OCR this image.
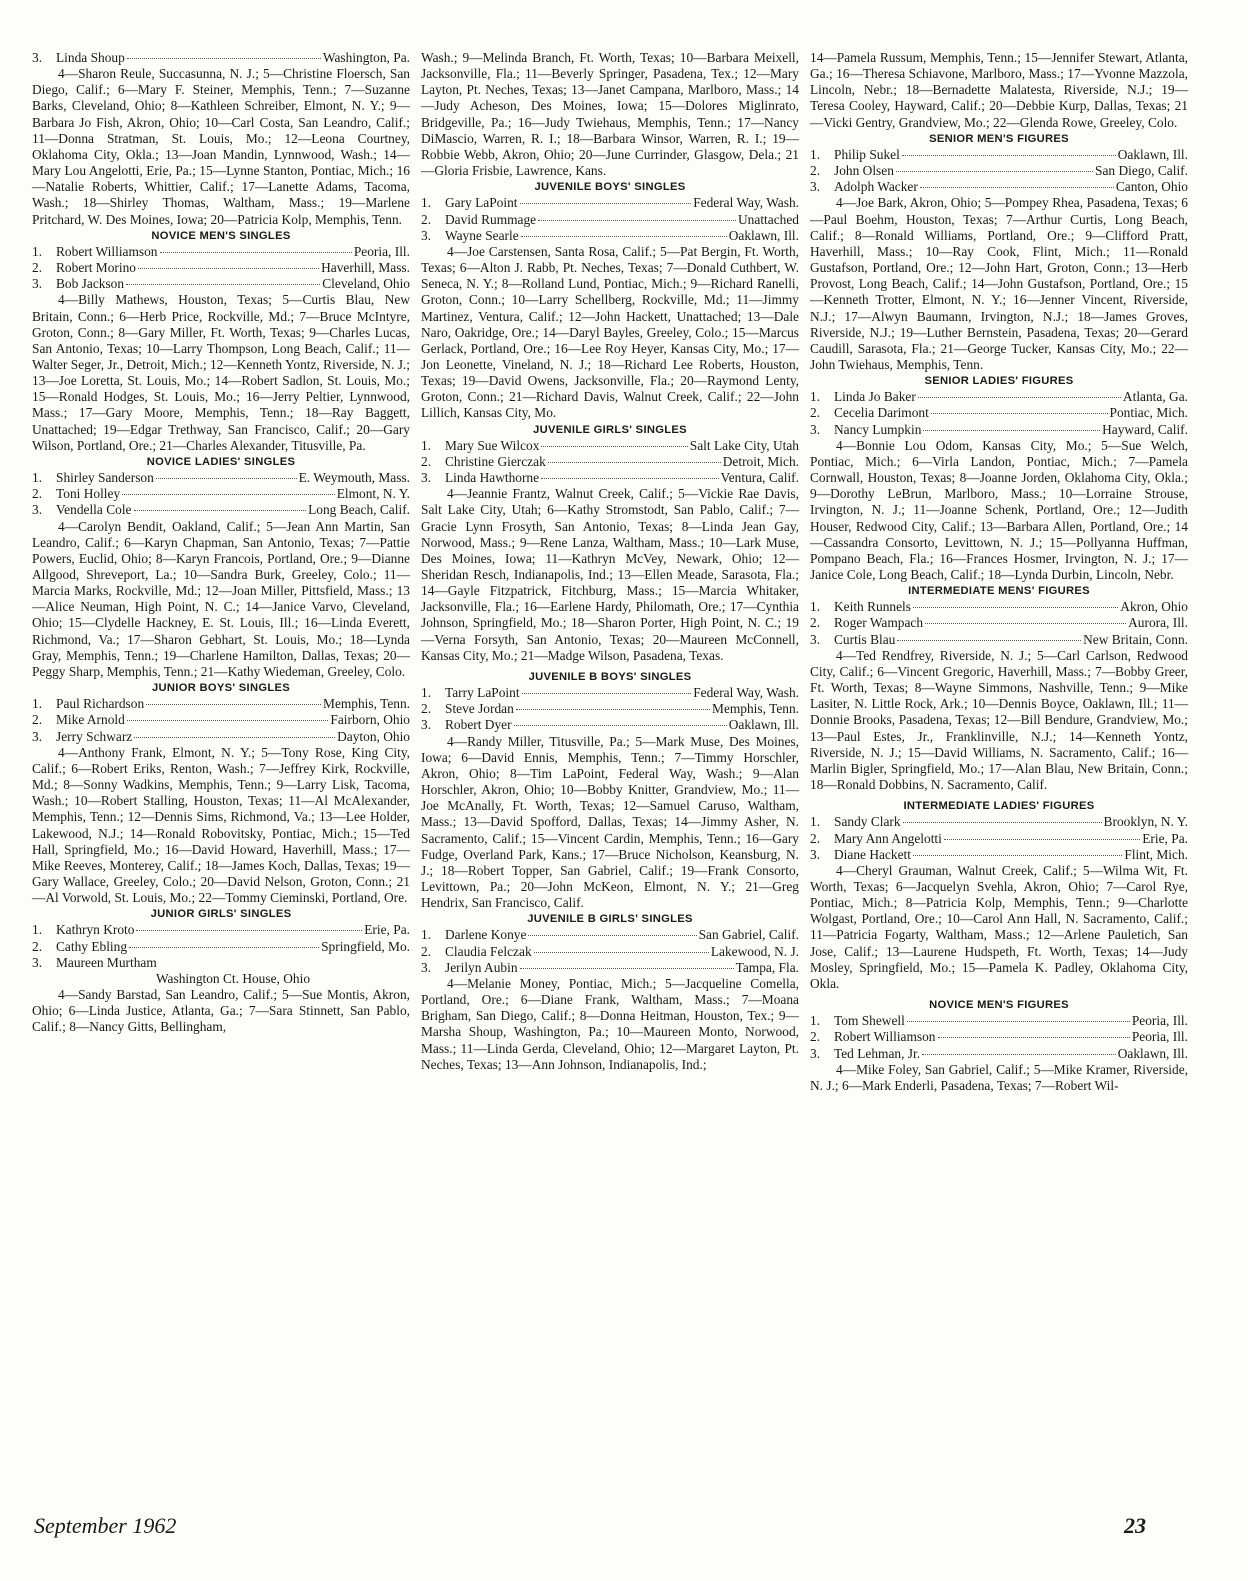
3.	Linda Shoup	Washington, Pa.
4—Sharon Reule, Succasunna, N. J.; 5—Christine Floersch, San Diego, Calif.; 6—Mary F. Steiner, Memphis, Tenn.; 7—Suzanne Barks, Cleveland, Ohio; 8—Kathleen Schreiber, Elmont, N. Y.; 9—Barbara Jo Fish, Akron, Ohio; 10—Carl Costa, San Leandro, Calif.; 11—Donna Stratman, St. Louis, Mo.; 12—Leona Courtney, Oklahoma City, Okla.; 13—Joan Mandin, Lynnwood, Wash.; 14—Mary Lou Angelotti, Erie, Pa.; 15—Lynne Stanton, Pontiac, Mich.; 16—Natalie Roberts, Whittier, Calif.; 17—Lanette Adams, Tacoma, Wash.; 18—Shirley Thomas, Waltham, Mass.; 19—Marlene Pritchard, W. Des Moines, Iowa; 20—Patricia Kolp, Memphis, Tenn.
NOVICE MEN'S SINGLES
1.	Robert Williamson	Peoria, Ill.
2.	Robert Morino	Haverhill, Mass.
3.	Bob Jackson	Cleveland, Ohio
4—Billy Mathews, Houston, Texas; 5—Curtis Blau, New Britain, Conn.; 6—Herb Price, Rockville, Md.; 7—Bruce McIntyre, Groton, Conn.; 8—Gary Miller, Ft. Worth, Texas; 9—Charles Lucas, San Antonio, Texas; 10—Larry Thompson, Long Beach, Calif.; 11—Walter Seger, Jr., Detroit, Mich.; 12—Kenneth Yontz, Riverside, N. J.; 13—Joe Loretta, St. Louis, Mo.; 14—Robert Sadlon, St. Louis, Mo.; 15—Ronald Hodges, St. Louis, Mo.; 16—Jerry Peltier, Lynnwood, Mass.; 17—Gary Moore, Memphis, Tenn.; 18—Ray Baggett, Unattached; 19—Edgar Trethway, San Francisco, Calif.; 20—Gary Wilson, Portland, Ore.; 21—Charles Alexander, Titusville, Pa.
NOVICE LADIES' SINGLES
1.	Shirley Sanderson	E. Weymouth, Mass.
2.	Toni Holley	Elmont, N. Y.
3.	Vendella Cole	Long Beach, Calif.
4—Carolyn Bendit, Oakland, Calif.; 5—Jean Ann Martin, San Leandro, Calif.; 6—Karyn Chapman, San Antonio, Texas; 7—Pattie Powers, Euclid, Ohio; 8—Karyn Francois, Portland, Ore.; 9—Dianne Allgood, Shreveport, La.; 10—Sandra Burk, Greeley, Colo.; 11—Marcia Marks, Rockville, Md.; 12—Joan Miller, Pittsfield, Mass.; 13—Alice Neuman, High Point, N. C.; 14—Janice Varvo, Cleveland, Ohio; 15—Clydelle Hackney, E. St. Louis, Ill.; 16—Linda Everett, Richmond, Va.; 17—Sharon Gebhart, St. Louis, Mo.; 18—Lynda Gray, Memphis, Tenn.; 19—Charlene Hamilton, Dallas, Texas; 20—Peggy Sharp, Memphis, Tenn.; 21—Kathy Wiedeman, Greeley, Colo.
JUNIOR BOYS' SINGLES
1.	Paul Richardson	Memphis, Tenn.
2.	Mike Arnold	Fairborn, Ohio
3.	Jerry Schwarz	Dayton, Ohio
4—Anthony Frank, Elmont, N. Y.; 5—Tony Rose, King City, Calif.; 6—Robert Eriks, Renton, Wash.; 7—Jeffrey Kirk, Rockville, Md.; 8—Sonny Wadkins, Memphis, Tenn.; 9—Larry Lisk, Tacoma, Wash.; 10—Robert Stalling, Houston, Texas; 11—Al McAlexander, Memphis, Tenn.; 12—Dennis Sims, Richmond, Va.; 13—Lee Holder, Lakewood, N.J.; 14—Ronald Robovitsky, Pontiac, Mich.; 15—Ted Hall, Springfield, Mo.; 16—David Howard, Haverhill, Mass.; 17—Mike Reeves, Monterey, Calif.; 18—James Koch, Dallas, Texas; 19—Gary Wallace, Greeley, Colo.; 20—David Nelson, Groton, Conn.; 21—Al Vorwold, St. Louis, Mo.; 22—Tommy Cieminski, Portland, Ore.
JUNIOR GIRLS' SINGLES
1.	Kathryn Kroto	Erie, Pa.
2.	Cathy Ebling	Springfield, Mo.
3.	Maureen Murtham
Washington Ct. House, Ohio
4—Sandy Barstad, San Leandro, Calif.; 5—Sue Montis, Akron, Ohio; 6—Linda Justice, Atlanta, Ga.; 7—Sara Stinnett, San Pablo, Calif.; 8—Nancy Gitts, Bellingham,
Wash.; 9—Melinda Branch, Ft. Worth, Texas; 10—Barbara Meixell, Jacksonville, Fla.; 11—Beverly Springer, Pasadena, Tex.; 12—Mary Layton, Pt. Neches, Texas; 13—Janet Campana, Marlboro, Mass.; 14—Judy Acheson, Des Moines, Iowa; 15—Dolores Miglinrato, Bridgeville, Pa.; 16—Judy Twiehaus, Memphis, Tenn.; 17—Nancy DiMascio, Warren, R. I.; 18—Barbara Winsor, Warren, R. I.; 19—Robbie Webb, Akron, Ohio; 20—June Currinder, Glasgow, Dela.; 21—Gloria Frisbie, Lawrence, Kans.
JUVENILE BOYS' SINGLES
1.	Gary LaPoint	Federal Way, Wash.
2.	David Rummage	Unattached
3.	Wayne Searle	Oaklawn, Ill.
4—Joe Carstensen, Santa Rosa, Calif.; 5—Pat Bergin, Ft. Worth, Texas; 6—Alton J. Rabb, Pt. Neches, Texas; 7—Donald Cuthbert, W. Seneca, N. Y.; 8—Rolland Lund, Pontiac, Mich.; 9—Richard Ranelli, Groton, Conn.; 10—Larry Schellberg, Rockville, Md.; 11—Jimmy Martinez, Ventura, Calif.; 12—John Hackett, Unattached; 13—Dale Naro, Oakridge, Ore.; 14—Daryl Bayles, Greeley, Colo.; 15—Marcus Gerlack, Portland, Ore.; 16—Lee Roy Heyer, Kansas City, Mo.; 17—Jon Leonette, Vineland, N. J.; 18—Richard Lee Roberts, Houston, Texas; 19—David Owens, Jacksonville, Fla.; 20—Raymond Lenty, Groton, Conn.; 21—Richard Davis, Walnut Creek, Calif.; 22—John Lillich, Kansas City, Mo.
JUVENILE GIRLS' SINGLES
1.	Mary Sue Wilcox	Salt Lake City, Utah
2.	Christine Gierczak	Detroit, Mich.
3.	Linda Hawthorne	Ventura, Calif.
4—Jeannie Frantz, Walnut Creek, Calif.; 5—Vickie Rae Davis, Salt Lake City, Utah; 6—Kathy Stromstodt, San Pablo, Calif.; 7—Gracie Lynn Frosyth, San Antonio, Texas; 8—Linda Jean Gay, Norwood, Mass.; 9—Rene Lanza, Waltham, Mass.; 10—Lark Muse, Des Moines, Iowa; 11—Kathryn McVey, Newark, Ohio; 12—Sheridan Resch, Indianapolis, Ind.; 13—Ellen Meade, Sarasota, Fla.; 14—Gayle Fitzpatrick, Fitchburg, Mass.; 15—Marcia Whitaker, Jacksonville, Fla.; 16—Earlene Hardy, Philomath, Ore.; 17—Cynthia Johnson, Springfield, Mo.; 18—Sharon Porter, High Point, N. C.; 19—Verna Forsyth, San Antonio, Texas; 20—Maureen McConnell, Kansas City, Mo.; 21—Madge Wilson, Pasadena, Texas.
JUVENILE B BOYS' SINGLES
1.	Tarry LaPoint	Federal Way, Wash.
2.	Steve Jordan	Memphis, Tenn.
3.	Robert Dyer	Oaklawn, Ill.
4—Randy Miller, Titusville, Pa.; 5—Mark Muse, Des Moines, Iowa; 6—David Ennis, Memphis, Tenn.; 7—Timmy Horschler, Akron, Ohio; 8—Tim LaPoint, Federal Way, Wash.; 9—Alan Horschler, Akron, Ohio; 10—Bobby Knitter, Grandview, Mo.; 11—Joe McAnally, Ft. Worth, Texas; 12—Samuel Caruso, Waltham, Mass.; 13—David Spofford, Dallas, Texas; 14—Jimmy Asher, N. Sacramento, Calif.; 15—Vincent Cardin, Memphis, Tenn.; 16—Gary Fudge, Overland Park, Kans.; 17—Bruce Nicholson, Keansburg, N. J.; 18—Robert Topper, San Gabriel, Calif.; 19—Frank Consorto, Levittown, Pa.; 20—John McKeon, Elmont, N. Y.; 21—Greg Hendrix, San Francisco, Calif.
JUVENILE B GIRLS' SINGLES
1.	Darlene Konye	San Gabriel, Calif.
2.	Claudia Felczak	Lakewood, N. J.
3.	Jerilyn Aubin	Tampa, Fla.
4—Melanie Money, Pontiac, Mich.; 5—Jacqueline Comella, Portland, Ore.; 6—Diane Frank, Waltham, Mass.; 7—Moana Brigham, San Diego, Calif.; 8—Donna Heitman, Houston, Tex.; 9—Marsha Shoup, Washington, Pa.; 10—Maureen Monto, Norwood, Mass.; 11—Linda Gerda, Cleveland, Ohio; 12—Margaret Layton, Pt. Neches, Texas; 13—Ann Johnson, Indianapolis, Ind.;
14—Pamela Russum, Memphis, Tenn.; 15—Jennifer Stewart, Atlanta, Ga.; 16—Theresa Schiavone, Marlboro, Mass.; 17—Yvonne Mazzola, Lincoln, Nebr.; 18—Bernadette Malatesta, Riverside, N.J.; 19—Teresa Cooley, Hayward, Calif.; 20—Debbie Kurp, Dallas, Texas; 21—Vicki Gentry, Grandview, Mo.; 22—Glenda Rowe, Greeley, Colo.
SENIOR MEN'S FIGURES
1.	Philip Sukel	Oaklawn, Ill.
2.	John Olsen	San Diego, Calif.
3.	Adolph Wacker	Canton, Ohio
4—Joe Bark, Akron, Ohio; 5—Pompey Rhea, Pasadena, Texas; 6—Paul Boehm, Houston, Texas; 7—Arthur Curtis, Long Beach, Calif.; 8—Ronald Williams, Portland, Ore.; 9—Clifford Pratt, Haverhill, Mass.; 10—Ray Cook, Flint, Mich.; 11—Ronald Gustafson, Portland, Ore.; 12—John Hart, Groton, Conn.; 13—Herb Provost, Long Beach, Calif.; 14—John Gustafson, Portland, Ore.; 15—Kenneth Trotter, Elmont, N. Y.; 16—Jenner Vincent, Riverside, N.J.; 17—Alwyn Baumann, Irvington, N.J.; 18—James Groves, Riverside, N.J.; 19—Luther Bernstein, Pasadena, Texas; 20—Gerard Caudill, Sarasota, Fla.; 21—George Tucker, Kansas City, Mo.; 22—John Twiehaus, Memphis, Tenn.
SENIOR LADIES' FIGURES
1.	Linda Jo Baker	Atlanta, Ga.
2.	Cecelia Darimont	Pontiac, Mich.
3.	Nancy Lumpkin	Hayward, Calif.
4—Bonnie Lou Odom, Kansas City, Mo.; 5—Sue Welch, Pontiac, Mich.; 6—Virla Landon, Pontiac, Mich.; 7—Pamela Cornwall, Houston, Texas; 8—Joanne Jorden, Oklahoma City, Okla.; 9—Dorothy LeBrun, Marlboro, Mass.; 10—Lorraine Strouse, Irvington, N. J.; 11—Joanne Schenk, Portland, Ore.; 12—Judith Houser, Redwood City, Calif.; 13—Barbara Allen, Portland, Ore.; 14—Cassandra Consorto, Levittown, N. J.; 15—Pollyanna Huffman, Pompano Beach, Fla.; 16—Frances Hosmer, Irvington, N. J.; 17—Janice Cole, Long Beach, Calif.; 18—Lynda Durbin, Lincoln, Nebr.
INTERMEDIATE MENS' FIGURES
1.	Keith Runnels	Akron, Ohio
2.	Roger Wampach	Aurora, Ill.
3.	Curtis Blau	New Britain, Conn.
4—Ted Rendfrey, Riverside, N. J.; 5—Carl Carlson, Redwood City, Calif.; 6—Vincent Gregoric, Haverhill, Mass.; 7—Bobby Greer, Ft. Worth, Texas; 8—Wayne Simmons, Nashville, Tenn.; 9—Mike Lasiter, N. Little Rock, Ark.; 10—Dennis Boyce, Oaklawn, Ill.; 11—Donnie Brooks, Pasadena, Texas; 12—Bill Bendure, Grandview, Mo.; 13—Paul Estes, Jr., Franklinville, N.J.; 14—Kenneth Yontz, Riverside, N. J.; 15—David Williams, N. Sacramento, Calif.; 16—Marlin Bigler, Springfield, Mo.; 17—Alan Blau, New Britain, Conn.; 18—Ronald Dobbins, N. Sacramento, Calif.
INTERMEDIATE LADIES' FIGURES
1.	Sandy Clark	Brooklyn, N. Y.
2.	Mary Ann Angelotti	Erie, Pa.
3.	Diane Hackett	Flint, Mich.
4—Cheryl Grauman, Walnut Creek, Calif.; 5—Wilma Wit, Ft. Worth, Texas; 6—Jacquelyn Svehla, Akron, Ohio; 7—Carol Rye, Pontiac, Mich.; 8—Patricia Kolp, Memphis, Tenn.; 9—Charlotte Wolgast, Portland, Ore.; 10—Carol Ann Hall, N. Sacramento, Calif.; 11—Patricia Fogarty, Waltham, Mass.; 12—Arlene Pauletich, San Jose, Calif.; 13—Laurene Hudspeth, Ft. Worth, Texas; 14—Judy Mosley, Springfield, Mo.; 15—Pamela K. Padley, Oklahoma City, Okla.
NOVICE MEN'S FIGURES
1.	Tom Shewell	Peoria, Ill.
2.	Robert Williamson	Peoria, Ill.
3.	Ted Lehman, Jr.	Oaklawn, Ill.
4—Mike Foley, San Gabriel, Calif.; 5—Mike Kramer, Riverside, N. J.; 6—Mark Enderli, Pasadena, Texas; 7—Robert Wil-
September 1962	23
